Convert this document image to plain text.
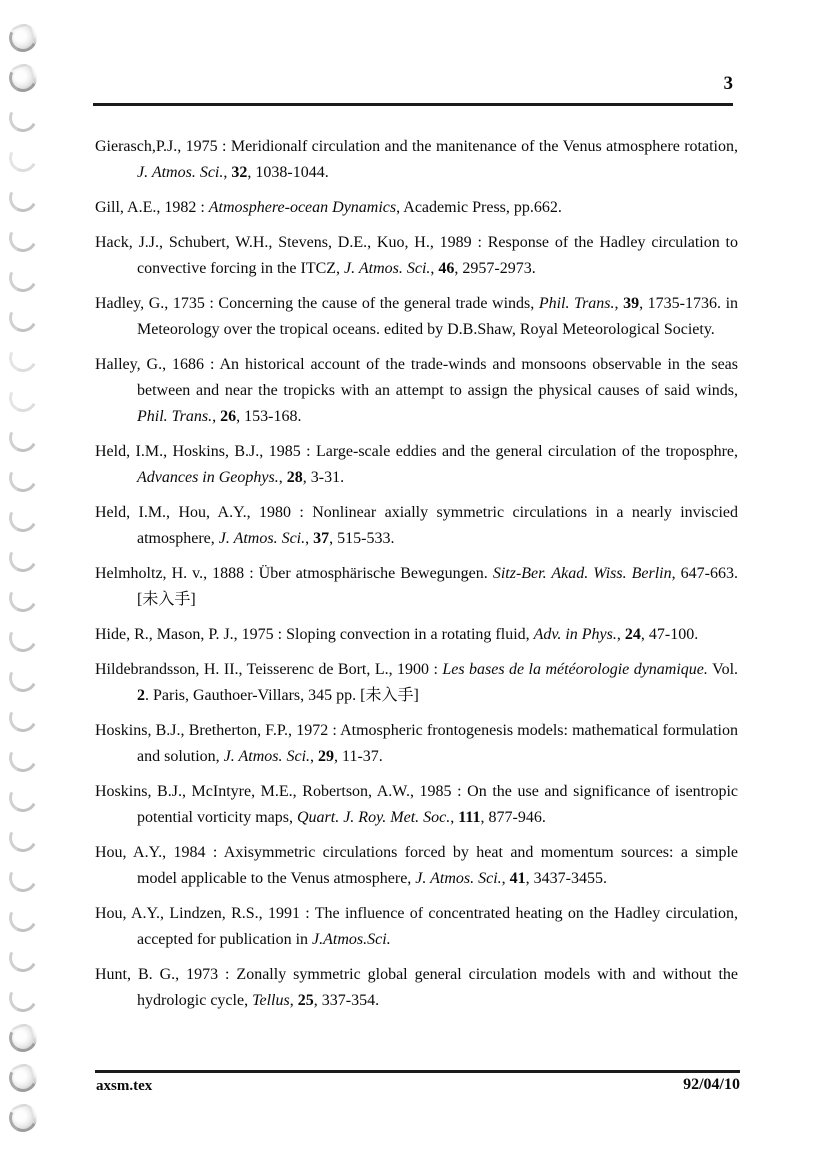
3

Gierasch,P.J., 1975 : Meridionalf circulation and the manitenance of the Venus atmosphere rotation, J. Atmos. Sci., 32, 1038-1044.

Gill, A.E., 1982 : Atmosphere-ocean Dynamics, Academic Press, pp.662.

Hack, J.J., Schubert, W.H., Stevens, D.E., Kuo, H., 1989 : Response of the Hadley circulation to convective forcing in the ITCZ, J. Atmos. Sci., 46, 2957-2973.

Hadley, G., 1735 : Concerning the cause of the general trade winds, Phil. Trans., 39, 1735-1736. in Meteorology over the tropical oceans. edited by D.B.Shaw, Royal Meteorological Society.

Halley, G., 1686 : An historical account of the trade-winds and monsoons observable in the seas between and near the tropicks with an attempt to assign the physical causes of said winds, Phil. Trans., 26, 153-168.

Held, I.M., Hoskins, B.J., 1985 : Large-scale eddies and the general circulation of the troposphre, Advances in Geophys., 28, 3-31.

Held, I.M., Hou, A.Y., 1980 : Nonlinear axially symmetric circulations in a nearly inviscied atmosphere, J. Atmos. Sci., 37, 515-533.

Helmholtz, H. v., 1888 : Über atmosphärische Bewegungen. Sitz-Ber. Akad. Wiss. Berlin, 647-663. [未入手]

Hide, R., Mason, P. J., 1975 : Sloping convection in a rotating fluid, Adv. in Phys., 24, 47-100.

Hildebrandsson, H. II., Teisserenc de Bort, L., 1900 : Les bases de la météorologie dynamique. Vol. 2. Paris, Gauthoer-Villars, 345 pp. [未入手]

Hoskins, B.J., Bretherton, F.P., 1972 : Atmospheric frontogenesis models: mathematical formulation and solution, J. Atmos. Sci., 29, 11-37.

Hoskins, B.J., McIntyre, M.E., Robertson, A.W., 1985 : On the use and significance of isentropic potential vorticity maps, Quart. J. Roy. Met. Soc., 111, 877-946.

Hou, A.Y., 1984 : Axisymmetric circulations forced by heat and momentum sources: a simple model applicable to the Venus atmosphere, J. Atmos. Sci., 41, 3437-3455.

Hou, A.Y., Lindzen, R.S., 1991 : The influence of concentrated heating on the Hadley circulation, accepted for publication in J.Atmos.Sci.

Hunt, B. G., 1973 : Zonally symmetric global general circulation models with and without the hydrologic cycle, Tellus, 25, 337-354.

axsm.tex	92/04/10
